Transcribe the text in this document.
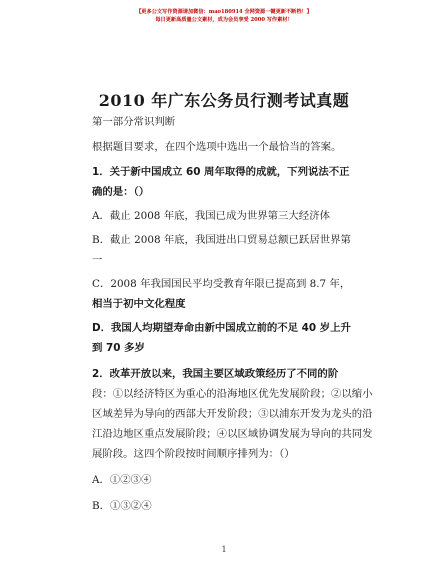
【更多公文写作资源请加微信：mao180914 全网资源一键更新不断档！】
每日更新高质量公文素材，成为会员享受 2000 写作素材！
2010 年广东公务员行测考试真题
第一部分常识判断
根据题目要求，在四个选项中选出一个最恰当的答案。
1．关于新中国成立 60 周年取得的成就，下列说法不正
确的是：（）
A．截止 2008 年底，我国已成为世界第三大经济体
B．截止 2008 年底，我国进出口贸易总额已跃居世界第
一
C．2008 年我国国民平均受教育年限已提高到 8.7 年，
相当于初中文化程度
D．我国人均期望寿命由新中国成立前的不足 40 岁上升
到 70 多岁
2．改革开放以来，我国主要区域政策经历了不同的阶
段：①以经济特区为重心的沿海地区优先发展阶段；②以缩小
区域差异为导向的西部大开发阶段；③以浦东开发为龙头的沿
江沿边地区重点发展阶段；④以区域协调发展为导向的共同发
展阶段。这四个阶段按时间顺序排列为：（）
A．①②③④
B．①③②④
1
